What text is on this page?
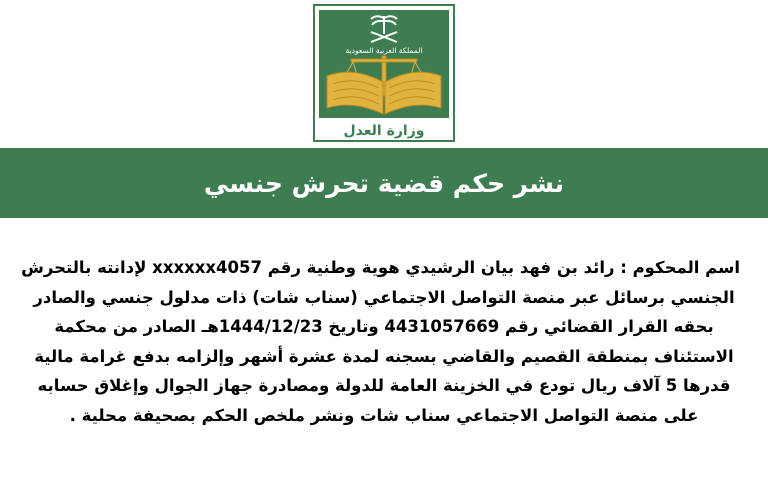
المملكة العربية السعودية
وزارة العدل
نشر حكم قضية تحرش جنسي
اسم المحكوم : رائد بن فهد بيان الرشيدي هوية وطنية رقم xxxxxx4057 لإدانته بالتحرش
الجنسي برسائل عبر منصة التواصل الاجتماعي (سناب شات) ذات مدلول جنسي والصادر
بحقه القرار القضائي رقم 4431057669 وتاريخ 1444/12/23هـ الصادر من محكمة
الاستئناف بمنطقة القصيم والقاضي بسجنه لمدة عشرة أشهر وإلزامه بدفع غرامة مالية
قدرها 5 آلاف ريال تودع في الخزينة العامة للدولة ومصادرة جهاز الجوال وإغلاق حسابه
على منصة التواصل الاجتماعي سناب شات ونشر ملخص الحكم بصحيفة محلية .
